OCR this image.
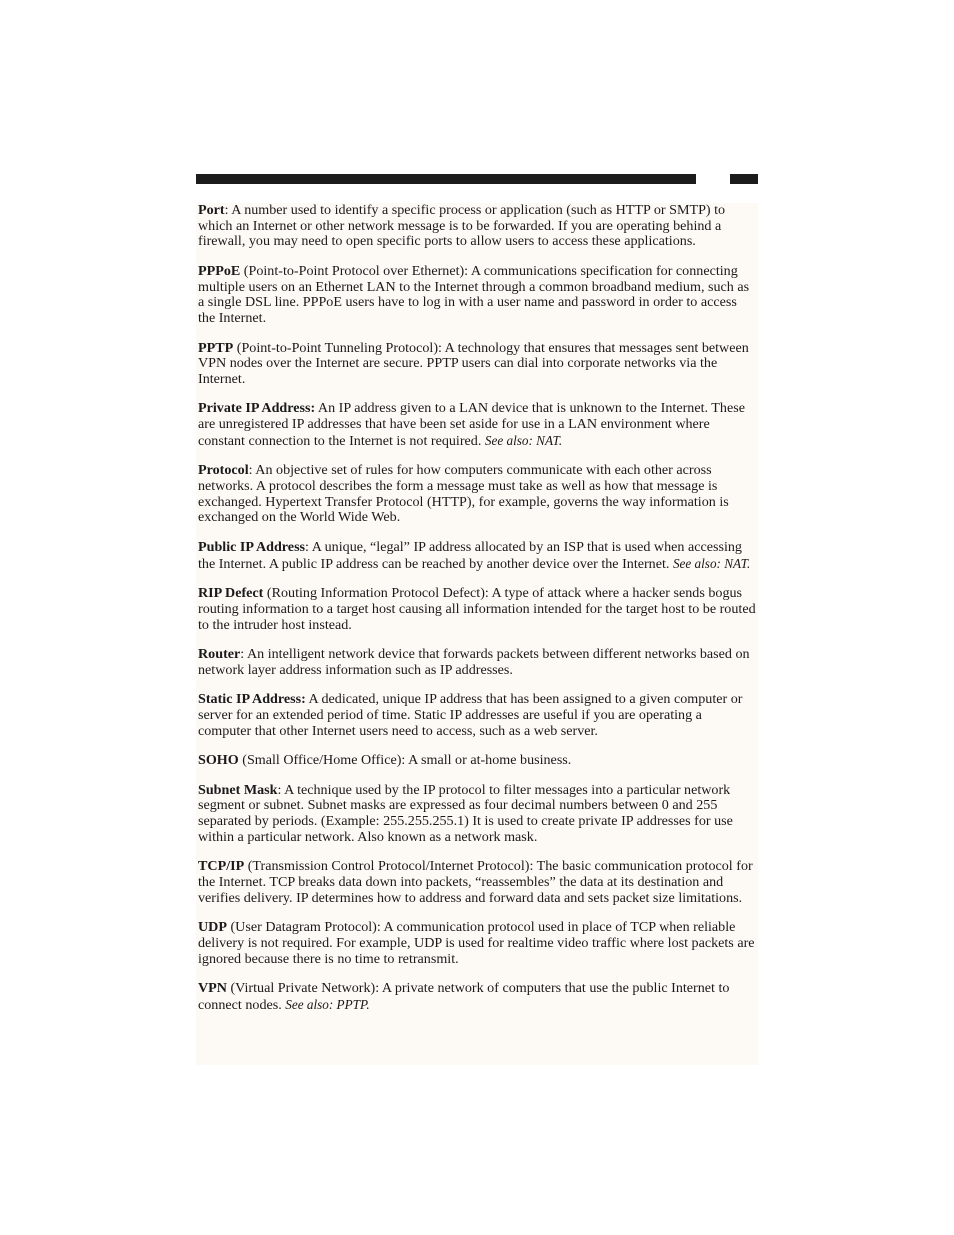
Port: A number used to identify a specific process or application (such as HTTP or SMTP) to which an Internet or other network message is to be forwarded. If you are operating behind a firewall, you may need to open specific ports to allow users to access these applications.

PPPoE (Point-to-Point Protocol over Ethernet): A communications specification for connecting multiple users on an Ethernet LAN to the Internet through a common broadband medium, such as a single DSL line. PPPoE users have to log in with a user name and password in order to access the Internet.

PPTP (Point-to-Point Tunneling Protocol): A technology that ensures that messages sent between VPN nodes over the Internet are secure. PPTP users can dial into corporate networks via the Internet.

Private IP Address: An IP address given to a LAN device that is unknown to the Internet. These are unregistered IP addresses that have been set aside for use in a LAN environment where constant connection to the Internet is not required. See also: NAT.

Protocol: An objective set of rules for how computers communicate with each other across networks. A protocol describes the form a message must take as well as how that message is exchanged. Hypertext Transfer Protocol (HTTP), for example, governs the way information is exchanged on the World Wide Web.

Public IP Address: A unique, “legal” IP address allocated by an ISP that is used when accessing the Internet. A public IP address can be reached by another device over the Internet. See also: NAT.

RIP Defect (Routing Information Protocol Defect): A type of attack where a hacker sends bogus routing information to a target host causing all information intended for the target host to be routed to the intruder host instead.

Router: An intelligent network device that forwards packets between different networks based on network layer address information such as IP addresses.

Static IP Address: A dedicated, unique IP address that has been assigned to a given computer or server for an extended period of time. Static IP addresses are useful if you are operating a computer that other Internet users need to access, such as a web server.

SOHO (Small Office/Home Office): A small or at-home business.

Subnet Mask: A technique used by the IP protocol to filter messages into a particular network segment or subnet. Subnet masks are expressed as four decimal numbers between 0 and 255 separated by periods. (Example: 255.255.255.1) It is used to create private IP addresses for use within a particular network. Also known as a network mask.

TCP/IP (Transmission Control Protocol/Internet Protocol): The basic communication protocol for the Internet. TCP breaks data down into packets, “reassembles” the data at its destination and verifies delivery. IP determines how to address and forward data and sets packet size limitations.

UDP (User Datagram Protocol): A communication protocol used in place of TCP when reliable delivery is not required. For example, UDP is used for realtime video traffic where lost packets are ignored because there is no time to retransmit.

VPN (Virtual Private Network): A private network of computers that use the public Internet to connect nodes. See also: PPTP.
